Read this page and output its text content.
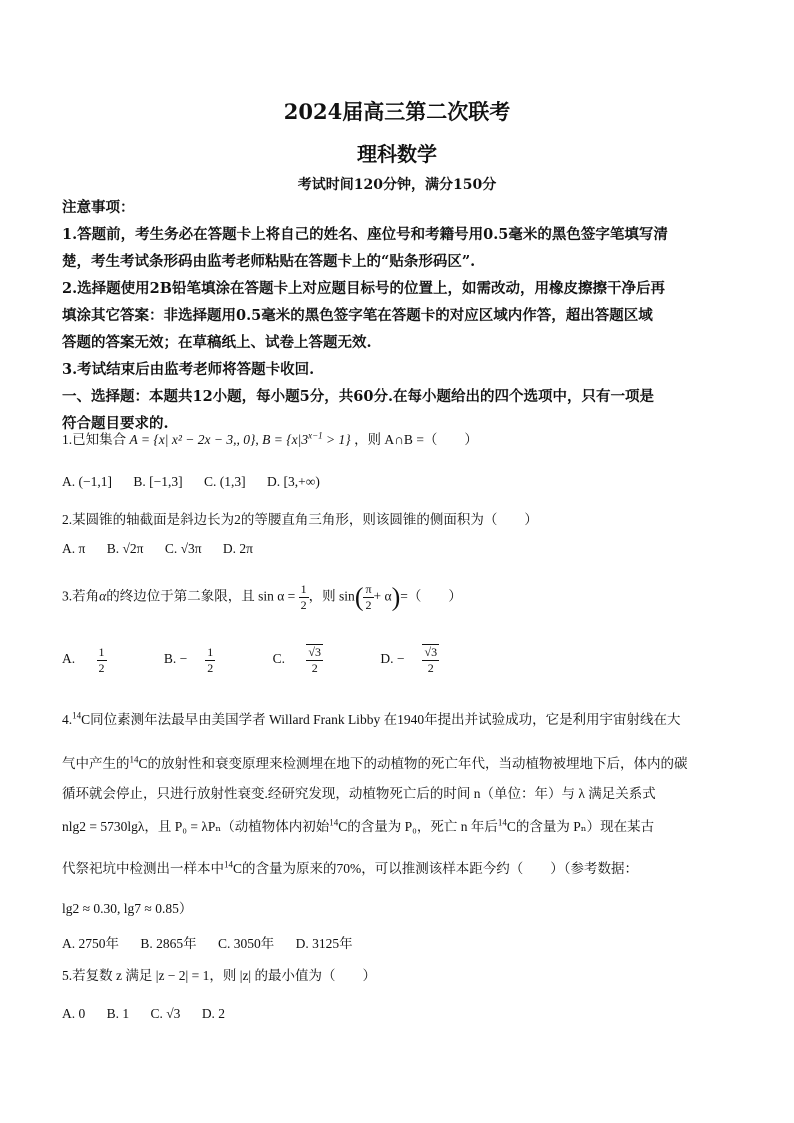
2024届高三第二次联考
理科数学
考试时间120分钟，满分150分
注意事项：
1.答题前，考生务必在答题卡上将自己的姓名、座位号和考籍号用0.5毫米的黑色签字笔填写清
楚，考生考试条形码由监考老师粘贴在答题卡上的“贴条形码区”.
2.选择题使用2B铅笔填涂在答题卡上对应题目标号的位置上，如需改动，用橡皮擦擦干净后再
填涂其它答案：非选择题用0.5毫米的黑色签字笔在答题卡的对应区域内作答，超出答题区域
答题的答案无效；在草稿纸上、试卷上答题无效.
3.考试结束后由监考老师将答题卡收回.
一、选择题：本题共12小题，每小题5分，共60分.在每小题给出的四个选项中，只有一项是
符合题目要求的.
1.已知集合 A = {x| x² − 2x − 3,, 0}, $B = \{x|3^{x-1} > 1\}$ ，则 A∩B =（　　）
A. (−1,1] B. [−1,3] C. (1,3] D. [3,+∞)
2.某圆锥的轴截面是斜边长为2的等腰直角三角形，则该圆锥的侧面积为（　　）
A. π B. √2π C. √3π D. 2π
3.若角α的终边位于第二象限，且 $\sin \alpha = \frac{1}{2}$ ，则 $\sin( \frac{\pi}{2} + \alpha)=$（　　）
A. $\frac{1}{2}$	B. − $\frac{1}{2}$	C. $\frac{√3}{2}$	D. − $\frac{√3}{2}$
4.14C同位素测年法最早由美国学者 Willard Frank Libby 在1940年提出并试验成功，它是利用宇宙射线在大
气中产生的$^{14}$C的放射性和衰变原理来检测埋在地下的动植物的死亡年代，当动植物被埋地下后，体内的碳
循环就会停止，只进行放射性衰变.经研究发现，动植物死亡后的时间 n（单位：年）与 λ 满足关系式
nlg2 = 5730lgλ，且 P₀ = λPₙ（动植物体内初始$^{14}$C的含量为 P₀，死亡 n 年后$^{14}$C的含量为 Pₙ）现在某古
代祭祀坑中检测出一样本中$^{14}$C的含量为原来的70%，可以推测该样本距今约（　　）（参考数据：
lg2 ≈ 0.30, lg7 ≈ 0.85）
A. 2750年 B. 2865年 C. 3050年 D. 3125年
5.若复数 z 满足 |z − 2| = 1，则 |z| 的最小值为（　　）
A. 0 B. 1 C. √3 D. 2
